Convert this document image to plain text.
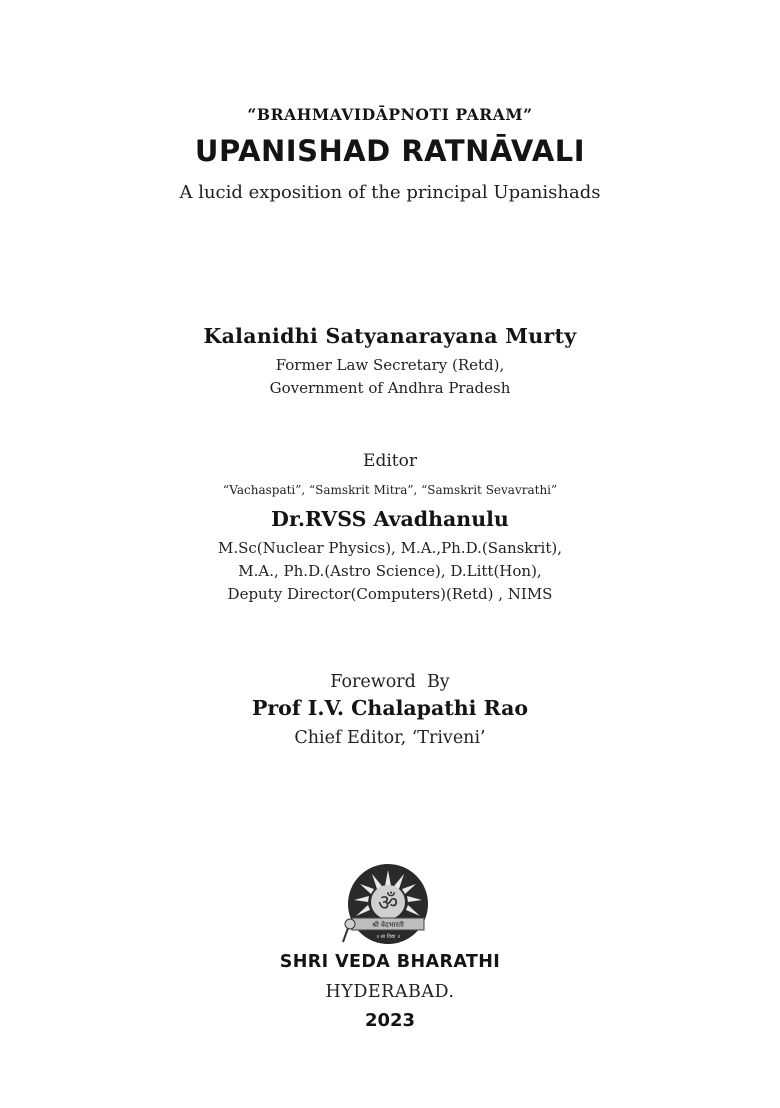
“BRAHMAVIDĀPNOTI PARAM”
UPANISHAD RATNĀVALI
A lucid exposition of the principal Upanishads
Kalanidhi Satyanarayana Murty
Former Law Secretary (Retd),
Government of Andhra Pradesh
Editor
“Vachaspati”, “Samskrit Mitra”, “Samskrit Sevavrathi”
Dr.RVSS Avadhanulu
M.Sc(Nuclear Physics), M.A.,Ph.D.(Sanskrit),
M.A., Ph.D.(Astro Science), D.Litt(Hon),
Deputy Director(Computers)(Retd) , NIMS
Foreword  By
Prof I.V. Chalapathi Rao
Chief Editor, ‘Triveni’
ॐ
श्री वेदभारती
॥ सा विद्या ॥
SHRI VEDA BHARATHI
HYDERABAD.
2023
